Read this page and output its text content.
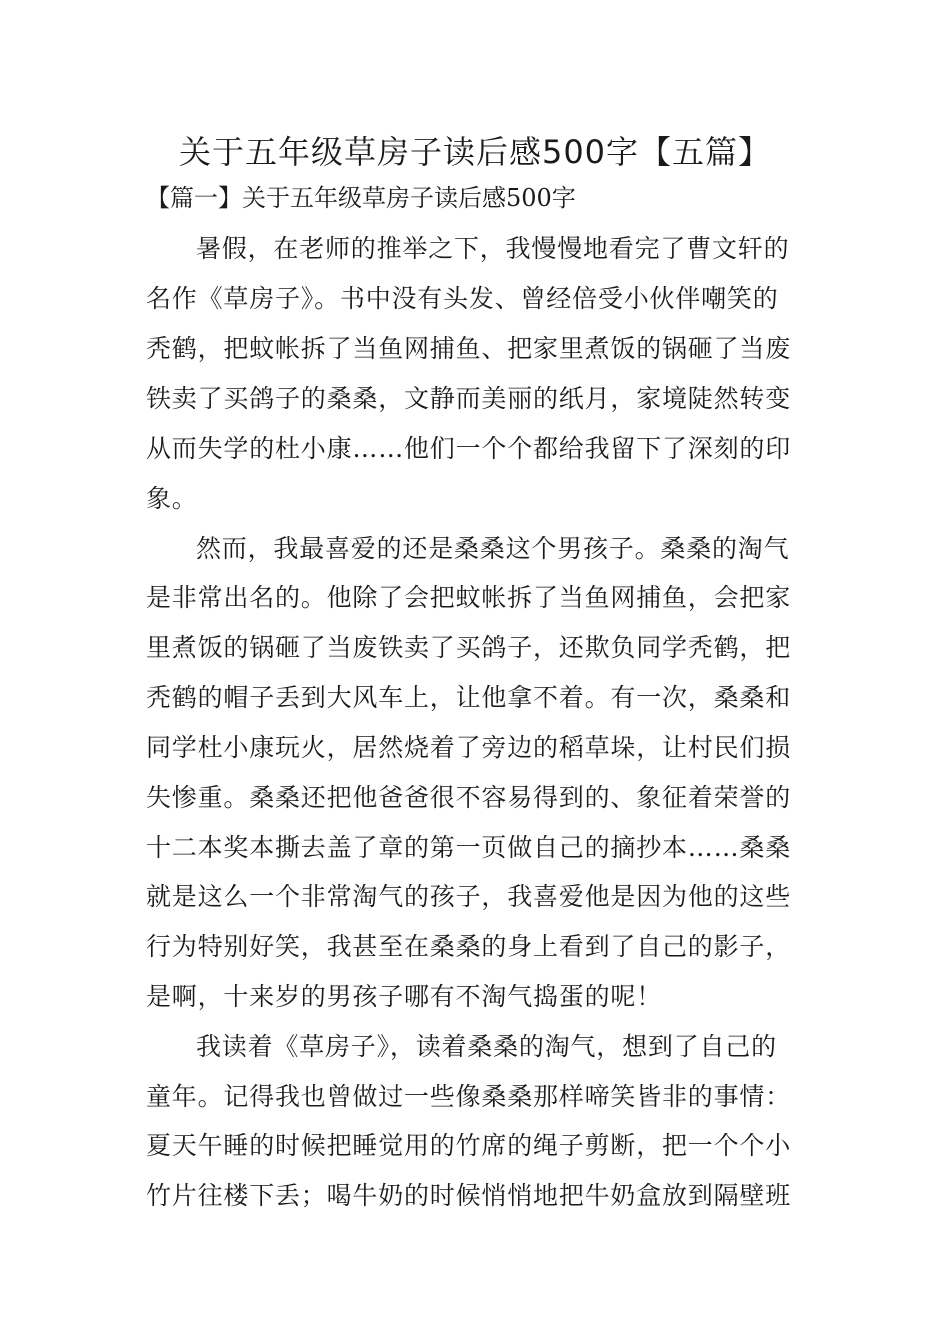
关于五年级草房子读后感500字【五篇】
【篇一】关于五年级草房子读后感500字
暑假，在老师的推举之下，我慢慢地看完了曹文轩的
名作《草房子》。书中没有头发、曾经倍受小伙伴嘲笑的
秃鹤，把蚊帐拆了当鱼网捕鱼、把家里煮饭的锅砸了当废
铁卖了买鸽子的桑桑，文静而美丽的纸月，家境陡然转变
从而失学的杜小康……他们一个个都给我留下了深刻的印
象。
然而，我最喜爱的还是桑桑这个男孩子。桑桑的淘气
是非常出名的。他除了会把蚊帐拆了当鱼网捕鱼，会把家
里煮饭的锅砸了当废铁卖了买鸽子，还欺负同学秃鹤，把
秃鹤的帽子丢到大风车上，让他拿不着。有一次，桑桑和
同学杜小康玩火，居然烧着了旁边的稻草垛，让村民们损
失惨重。桑桑还把他爸爸很不容易得到的、象征着荣誉的
十二本奖本撕去盖了章的第一页做自己的摘抄本……桑桑
就是这么一个非常淘气的孩子，我喜爱他是因为他的这些
行为特别好笑，我甚至在桑桑的身上看到了自己的影子，
是啊，十来岁的男孩子哪有不淘气捣蛋的呢！
我读着《草房子》，读着桑桑的淘气，想到了自己的
童年。记得我也曾做过一些像桑桑那样啼笑皆非的事情：
夏天午睡的时候把睡觉用的竹席的绳子剪断，把一个个小
竹片往楼下丢；喝牛奶的时候悄悄地把牛奶盒放到隔壁班
